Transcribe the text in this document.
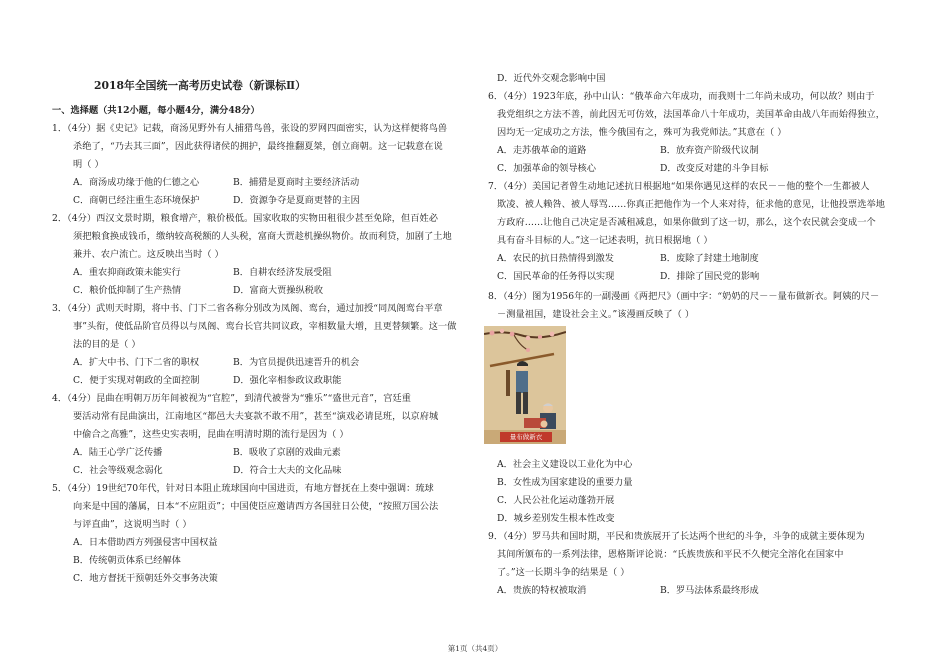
2018年全国统一高考历史试卷（新课标Ⅱ）
一、选择题（共12小题，每小题4分，满分48分）
1．（4分）据《史记》记载，商汤见野外有人捕猎鸟兽，张设的罗网四面密实，认为这样便将鸟兽
杀绝了，“乃去其三面”，因此获得诸侯的拥护，最终推翻夏桀，创立商朝。这一记载意在说
明（ ）
A．商汤成功缘于他的仁德之心	B．捕猎是夏商时主要经济活动
C．商朝已经注重生态环境保护	D．资源争夺是夏商更替的主因
2．（4分）西汉文景时期，粮食增产，粮价极低。国家收取的实物田租很少甚至免除，但百姓必
须把粮食换成钱币，缴纳较高税额的人头税，富商大贾趁机操纵物价。故而利贷，加剧了土地
兼并、农户流亡。这反映出当时（ ）
A．重农抑商政策未能实行	B．自耕农经济发展受阻
C．粮价低抑制了生产热情	D．富商大贾操纵税收
3．（4分）武则天时期，将中书、门下二省各称分别改为凤阁、鸾台，通过加授“同凤阁鸾台平章
事”头衔，使低品阶官员得以与凤阁、鸾台长官共同议政，宰相数量大增，且更替频繁。这一做
法的目的是（ ）
A．扩大中书、门下二省的职权	B．为官员提供迅速晋升的机会
C．便于实现对朝政的全面控制	D．强化宰相参政议政职能
4．（4分）昆曲在明朝万历年间被视为“官腔”，到清代被誉为“雅乐”“盛世元音”，宫廷重
要活动常有昆曲演出，江南地区“都邑大夫宴款不敢不用”，甚至“演戏必请昆班，以京府城
中偷合之高雅”，这些史实表明，昆曲在明清时期的流行是因为（ ）
A．陆王心学广泛传播	B．吸收了京剧的戏曲元素
C．社会等级观念弱化	D．符合士大夫的文化品味
5．（4分）19世纪70年代，针对日本阻止琉球国向中国进贡，有地方督抚在上奏中强调：琉球
向来是中国的藩属，日本“不应阻贡”；中国使臣应邀请西方各国驻日公使，“按照万国公法
与评直曲”，这说明当时（ ）
A．日本借助西方列强侵害中国权益
B．传统朝贡体系已经解体
C．地方督抚干预朝廷外交事务决策
D．近代外交观念影响中国
6．（4分）1923年底，孙中山认：“俄革命六年成功，而我则十二年尚未成功，何以故？则由于
我党组织之方法不善，前此因无可仿效，法国革命八十年成功，美国革命由战八年而始得独立，
因均无一定成功之方法，惟今俄国有之，殊可为我党师法。”其意在（ ）
A．走苏俄革命的道路	B．放弃资产阶级代议制
C．加强革命的领导核心	D．改变反对建的斗争目标
7．（4分）美国记者曾生动地记述抗日根据地“如果你遇见这样的农民－－他的整个一生都被人
欺凌、被人赖咎、被人辱骂……你真正把他作为一个人来对待，征求他的意见，让他投票选举地
方政府……让他自己决定是否减租减息，如果你做到了这一切，那么，这个农民就会变成一个
具有奋斗目标的人。”这一记述表明，抗日根据地（ ）
A．农民的抗日热情得到激发	B．废除了封建土地制度
C．国民革命的任务得以实现	D．排除了国民党的影响
8．（4分）图为1956年的一副漫画《两把尺》（画中字：“奶奶的尺－－量布做新衣。阿姨的尺－
－测量祖国，建设社会主义。”该漫画反映了（ ）
A．社会主义建设以工业化为中心
B．女性成为国家建设的重要力量
C．人民公社化运动蓬勃开展
D．城乡差别发生根本性改变
9．（4分）罗马共和国时期，平民和贵族展开了长达两个世纪的斗争，斗争的成就主要体现为
其间所颁布的一系列法律，恩格斯评论说：“氏族贵族和平民不久便完全溶化在国家中
了。”这一长期斗争的结果是（ ）
A．贵族的特权被取消	B．罗马法体系最终形成
量布做新衣
第1页（共4页）
